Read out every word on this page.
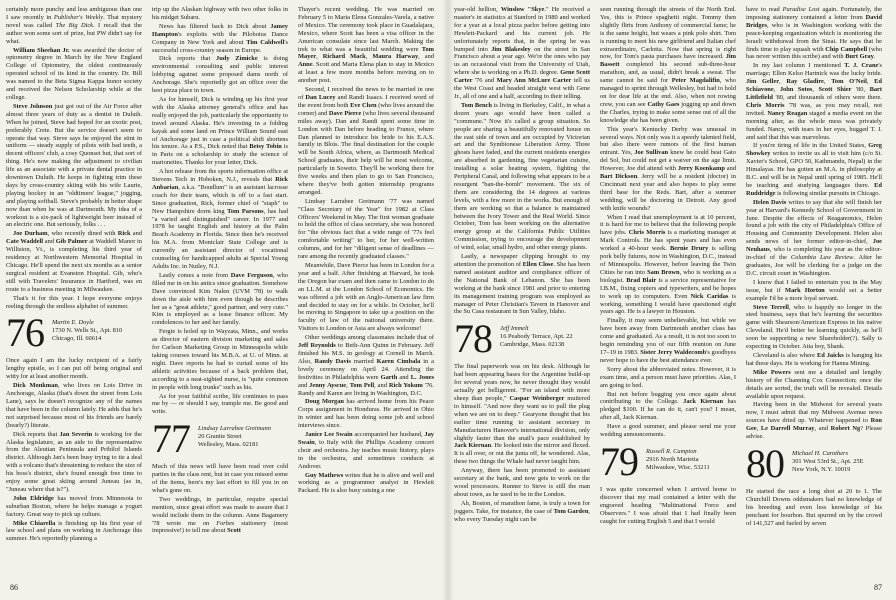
certainly more punchy and less ambiguous than one I saw recently in Publisher's Weekly. That mystery novel was called The Big Dick. I recall that the author won some sort of prize, but PW didn't say for what.

William Sheehan Jr. was awarded the doctor of optometry degree in March by the New England College of Optometry, the oldest continuously operated school of its kind in the country. Dr. Bill was named to the Beta Sigma Kappa honor society and received the Nelson Scholarship while at the college.

Steve Johnson just got out of the Air Force after almost three years of duty as a dentist in Duluth. When he joined, Steve had hoped for an exotic post, preferably Crete. But the service doesn't seem to operate that way. Steve says he enjoyed the stint in uniform — steady supply of pilots with bad teeth, a decent officers' club, a cosy Quonset hut, that sort of thing. He's now making the adjustment to civilian life as an associate with a private dental practice in downtown Duluth. He keeps in fighting trim these days by cross-country skiing with his wife Laurie, playing hockey in an "oldtimers' league," jogging, and playing softball. Steve's probably in better shape now than when he was at Dartmouth. My idea of a workout is a six-pack of lightweight beer instead of an electric one. But seriously, folks . . .

Joe Durham, who recently dined with Rick and Cate Waddell and Gib Palmer at Waddell Manor in Williston, Vt., is completing his third year of residency at Northwestern Memorial Hospital in Chicago. He'll spend the next six months as a senior surgical resident at Evanston Hospital. Gib, who's still with Travelers' Insurance in Hartford, was en route to a business meeting in Milwaukee.

That's it for this year. I hope everyone enjoys reeling through the endless alphabet of summer.

76	Martin E. Doyle
1730 N. Wells St., Apt. 810
Chicago, Ill. 60614

Once again I am the lucky recipient of a fairly lengthy epistle, so I can put off being original and witty for at least another month.

Dick Monkman, who lives on Lois Drive in Anchorage, Alaska (that's down the street from Lois Lane), says he doesn't recognize any of the names that have been in the column lately. He adds that he's not surprised because most of his friends are barely (bearly?) literate.

Dick reports that Jan Severin is working for the Alaska legislature, as an aide to the representative from the Aleutian Peninsula and Pribilof Islands district. Although Jan's been busy trying to tie a deal with a volcano that's threatening to reduce the size of his boss's district, she's found enough free time to enjoy some great skiing around Juneau (as in, "Juneau where that is?").

John Eldridge has moved from Minnesota to suburban Boston, where he helps manage a yogurt factory. Great way to pick up culture.

Mike Chiarella is finishing up his first year of law school and plans on working in Anchorage this summer. He's reportedly planning a

trip up the Alaskan highway with two other folks in his midget Subaru.

News has filtered back to Dick about Jamey Hampton's exploits with the Piloboius Dance Company in New York and about Tim Caldwell's successful cross-country season in Europe.

Dick reports that Judy Zimicke is doing environmental consulting and public interest lobbying against some proposed dams north of Anchorage. She's reportedly got an office over the best pizza place in town.

As for himself, Dick is winding up his first year with the Alaska attorney general's office and has really enjoyed the job, particularly the opportunity to travel around Alaska. He's investing in a folding kayak and some land on Prince William Sound east of Anchorage just in case a political shift shortens his tenure. As a P.S., Dick noted that Betsy Tobin is in Paris on a scholarship to study the science of marionettes. Thanks for your letter, Dick.

A hot release from the sports information office at Stevens Tech in Hoboken, N.J., reveals that Rick Anbarian, a.k.a. "Boudlum" is an assistant lacrosse coach for their team, which is off to a fast start. Since graduation, Rick, former chief of "staph" to New Hampshire dorm king Tom Parsons, has had "a varied and distinguished" career. In 1977 and 1978 he taught English and history at the Palm Beach Academy in Florida. Since then he's received his M.A. from Montclair State College and is currently an assistant director of vocational counseling for handicapped adults at Special Young Adults Inc. in Nutley, N.J.

Lastly comes a note from Dave Ferguson, who filled me in on his antics since graduation. Somehow Dave convinced Kim Nalen (UVM '78) to walk down the aisle with him even though he describes her as a "great athlete," good partner, and very cute." Kim is employed as a lease finance officer. My condolences to her and her family.

Fergie is holed up in Wayzata, Minn., and works as director of eastern division marketing and sales for Carlson Marketing Group in Minneapolis while taking courses toward his M.B.A. at U. of Minn. at night. Dave reports he had to curtail some of his athletic activities because of a back problem that, according to a neat-sighted nurse, is "quite common in people with long trunks" such as his.

As for your faithful scribe, life continues to pass me by — or should I say, trample me. Be good and write.

77	Lindsay Larrabee Greimann
20 Granite Street
Wellesley, Mass. 02181

Much of this news will have been read over cold parties in the class rent, but in case you missed some of the items, here's my last effort to fill you in on what's gone on.

Two weddings, in particular, require special mention, since great effort was made to assure that I would include them in the column. Anne Bagamery '78 wrote me on Forbes stationery (most impressive!) to tell me about Scott

Thayer's recent wedding. He was married on February 5 to Maria Elena Gonzales-Varela, a native of Mexico. The ceremony took place in Guadalajara, Mexico, where Scott has been a visa officer in the American consulate since last March. Making the trek to what was a beautiful wedding were Tom Mayer, Richard Mack, Maura Harway, and Anne. Scott and Maria Elena plan to stay in Mexico at least a few more months before moving on to another post.

Second, I received the news to be married in one of Dan Lucey and Randi Isaacs. I received word of the event from both Eve Chen (who lives around the corner) and Dave Pierce (who lives several thousand miles away). Dan and Randi spent some time in London with Dan before heading to France, where Dan planned to introduce his bride to his E.A.S. family in Blois. The final destination for the couple will be South Africa, where, as Dartmouth Medical School graduates, their help will be most welcome, particularly in Soweto. They'll be working there for five weeks and then plan to go to San Francisco, where they've both gotten internship programs arranged.

Lindsay Larrabee Greimann '77 was named "Class Secretary of the Year" for 1982 at Class Officers' Weekend in May. The first woman graduate to hold the office of class secretary, she was honored for "the obvious fact that a wide range of '77s feel comfortable writing" to her, for her well-written columns, and for her "diligent sense of deadlines — rare among the recently graduated classes."

Meanwhile, Dave Pierce has been in London for a year and a half. After finishing at Harvard, he took the Oregon bar exam and then came to London to do an LL.M. at the London School of Economics. He was offered a job with an Anglo-American law firm and decided to stay on for a while. In October, he'll be moving to Singapore to take up a position on the faculty of law of the national university there. Visitors to London or Asia are always welcome!

Other weddings among classmates include that of Jeff Reynolds to Beth-Ann Quinn in February. Jeff finished his M.S. in geology at Cornell in March. Also, Randy Davis married Karen Cimbala in a lovely ceremony on April 24. Attending the festivities in Philadelphia were Garth and L. Jones and Jenny Ayscue, Tom Pell, and Rich Yokum '76. Randy and Karen are living in Washington, D.C.

Doug Morgan has arrived home from his Peace Corps assignment in Honduras. He arrived in Ohio in winter and has been doing some job and school interviews since.

Janice Lee Swain accompanied her husband, Jay Swain, to Italy with the Phillips Academy concert choir and orchestra. Jay teaches music history, plays in the orchestra, and sometimes conducts at Andover.

Guy Mathews writes that he is alive and well and working as a programmer analyst in Hewlett Packard. He is also busy raising a one

86

year-old hellion, Winslow "Skye." He received a master's in statistics at Stanford in 1980 and worked for a year at a local pizza parlor before getting into Hewlett-Packard and his current job. He unfortunately reports that, in the spring he was bumped into Jim Blakesley on the street in San Francisco about a year ago. We're the ones who pay us an occasional visit from the University of Utah, where she is working on a Ph.D. degree. Gene Scott Carter '76 and Mary Ann McLure Carter tell us the West Coast and headed straight west with Gene Jr., all of one and a half, according to their telling.

Tom Bench is living in Berkeley, Calif., in what a dozen years ago would have been called a "commune." Now it's called a group situation. So people are sharing a beautifully renovated house on the east side of town and are occupied by Victorian art and the Symbionese Liberation Army. Three ghosts have faded, and the current residents energies are absorbed in gardening, fine vegetarian cuisine, installing a solar heating system, fighting the Peripheral Canal, and following what appears to be a resurgent "ban-the-bomb" movement. The six of them are considering the 14 degrees at various levels, with a few more in the works. But enough of them are working so that a balance is maintained between the Ivory Tower and the Real World. Since October, Tom has been working on the alternative energy group at the California Public Utilities Commission, trying to encourage the development of wind, solar, small hydro, and other energy plants.

Lastly, a newspaper clipping brought to my attention the promotion of Ellen Close. She has been named assistant auditor and compliance officer of the National Bank of Lebanon. She has been working at the bank since 1981 and prior to entering its management training program was employed as manager of Peter Christian's Tavern in Hanover and the Su Casa restaurant in Sun Valley, Idaho.

78	Jeff Immelt
16 Peabody Terrace, Apt. 22
Cambridge, Mass. 02138

The final paperwork was on his desk. Although he had been appearing bases for the Argentine build-up for several years now, he never thought they would actually get belligerent. "For an island with more sheep than people," Caspar Weinberger muttered to himself. "And now they want us to pull the plug when we are on to deep." Gearyone thought that his earlier time running to assistant secretary in Manufacturers Hanover's international division, only slightly faster than the snail's pace established by Jack Kiernan. He looked into the mirror and flexed. It is all over, or out the junta off, he wondered. Alas, these two things the Whale had never taught him.

Anyway, there has been promoted to assistant secretary at the bank, and now gets to work on the wood processors. Runner to Steve is still the man about town, as he used to be in the London.

Ah, Boston, of marathon fame, is truly a town for joggers. Take, for instance, the case of Tom Garden, who every Tuesday night can be

seen running through the streets of the North End. Yes, this is Prince spaghetti night. Tommy then slightly flirts from Anthony of commercial fame; he is the same height, but wears a pink polo shirt. Tom is running to meet his new girlfriend and Italian chef extraordinaire, Carlotta. Now that spring is right now, for Tom's pasta purchases have increased. Jim Bassett completed his second sub-three-hour marathon, and, as usual, didn't break a sweat. The same cannot be said for Peter Magdalifin, who managed to sprint through Wellesley, but had to hold on for dear life at the end. Also, when not rowing crew, you can see Cathy Gaes jogging up and down the Charles, trying to make some sense out of all the knowledge she has been given.

This year's Kentucky Derby was unusual in several ways. Not only was it a speedy talented field, but also there were rumors of the first human entrant. Yes, Joe Sullivan knew he could beat Gato del Sol, but could not get a waiver on the age limit. However, Joe did attend with Jerry Koenkamp and Bart Dickson. Jerry will be a resident (doctor) in Cincinnati next year and also hopes to play some third base for the Reds. Bart, after a summer wedding, will be doctoring in Detroit. Any good with knife wounds?

When I read that unemployment is at 10 percent, it is hard for me to believe that the following people have jobs. Chris Morris is a marketing manager at Mark Controls. He has spent years and has even worked a 40-hour week. Bernie Drury is selling pork belly futures, now in Washington, D.C., instead of Minneapolis. However, before leaving the Twin Cities he ran into Sam Brown, who is working as a biologist. Brad Blair is a service representative for I.B.M., fixing copiers and typewriters, and he hopes to work up to computers. Even Nick Caridas is working, something I would have questioned eight years ago. He is a lawyer in Houston.

Finally, it may seem unbelievable, but while we have been away from Dartmouth another class has come and graduated. As a result, it is not too soon to begin reminding you of our fifth reunion on June 17–19 in 1983. Sister Jerry Waldecomb's goodbyes never hope to have the best attendance ever.

Sorry about the abbreviated notes. However, it is exam time, and a person must have priorities. Alas, I am going to bed.

But not before bugging you once again about contributing to the College. Jack Kiernan has pledged $100. If he can do it, can't you? I mean, after all, Jack Kiernan.

Have a good summer, and please send me your wedding announcements.

79	Russell R. Campion
2916 North Marietta
Milwaukee, Wisc. 53211

I was quite concerned when I arrived home to discover that my mail contained a letter with the engraved heading "Multinational Force and Observers." I was afraid that I had finally been caught for cutting English 5 and that I would

have to read Paradise Lost again. Fortunately, the imposing stationery contained a letter from David Bridges, who is in Washington working with the peace-keeping organization which is monitoring the Israeli withdrawal from the Sinai. He says that he finds time to play squash with Chip Campbell (who has never written this scribe) and with Burt Gray.

In my last column I mentioned T. J. Crane's marriage; Ellen Kelso Hartnick was the lucky bride. Jim Geller, Ray Gladire, Tom O'Neil, Ed Schiavone, John Sotos, Scott Shier '80, Bart Littlefield '80, and thousands of others were there. Chris Morris '78 was, as you may recall, not invited. Nancy Reagan staged a media event on the morning after, as the whole mess was privately funded. Nancy, with tears in her eyes, hugged T. J. and said that this was marvelous.

If you're tiring of life in the United States, Greg Showkey writes to invite us all to visit him (c/o St. Xavier's School, GPO 50, Kathmandu, Nepal) in the Himalayas. He has gotten an M.A. in philosophy at B.C. and will be in Nepal until spring of 1985. He'll be teaching and studying languages there. Ed Ruddridge is following similar pursuits in Chicago.

Helen Davis writes to say that she will finish her year at Harvard's Kennedy School of Government in June. Despite the effects of Reaganomics, Helen found a job with the city of Philadelphia's Office of Housing and Community Development. Helen also sends news of her former editor-in-chief, Joe Neuhaus, who is completing his year as the editor-in-chief of the Columbia Law Review. After he graduates, Joe will be clerking for a judge on the D.C. circuit court in Washington.

I know that I failed to entertain you in the May issue, but if Mark Horton would set a better example I'd be a more loyal servant.

Steve Terrell, who is happily no longer in the steel business, says that he's learning the securities game with Shearson/American Express in his native Cleveland. He'd better be learning quickly, as he'll soon be supporting a new Shareholder(?). Sally is expecting in October. Atta boy, Shank.

Cleveland is also where Ed Jaicks is hanging his hat these days. He is working for Hanna Mining.

Mike Powers sent me a detailed and lengthy history of the Channing Cox Connection; once the details are sorted, the truth will be revealed. Details available upon request.

Having been in the Midwest for several years now, I must admit that my Midwest Avenue news sources have dried up. Whatever happened to Ron Gee, Le Darrell Murray, and Robert Ng? Please advise.

80	Michael H. Carothers
301 West 53rd St., Apt. 25E
New York, N.Y. 10019

He started the race a long shot at 20 to 1. The Churchill Downs oddsmakers had no knowledge of his breeding and even less knowledge of his penchant for bourbon. But spurred on by the crowd of 141,527 and fueled by seven

87
